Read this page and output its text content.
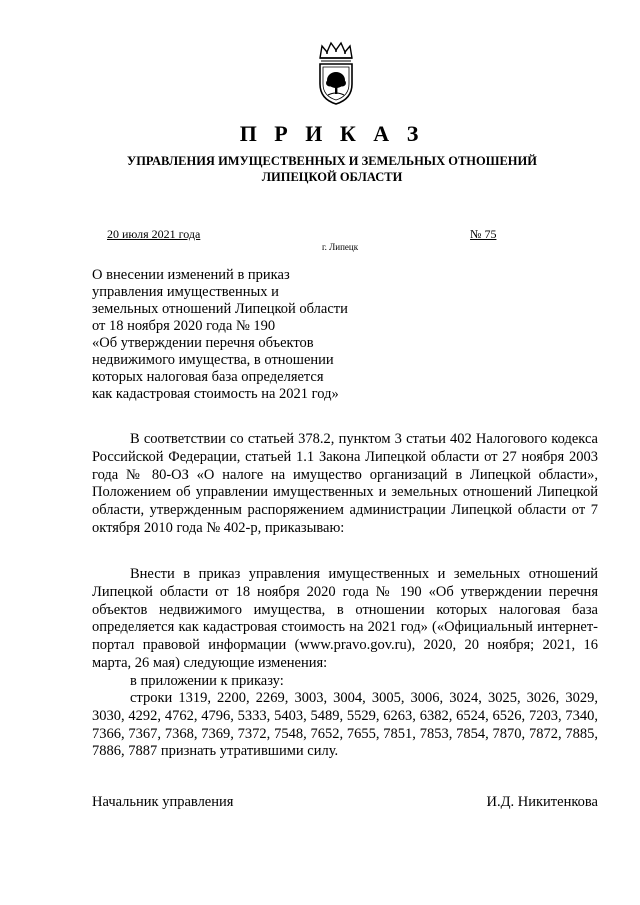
П Р И К А З
УПРАВЛЕНИЯ ИМУЩЕСТВЕННЫХ И ЗЕМЕЛЬНЫХ ОТНОШЕНИЙ
ЛИПЕЦКОЙ ОБЛАСТИ
20 июля 2021 года	№ 75
г. Липецк
О внесении изменений в приказ
управления имущественных и
земельных отношений Липецкой области
от 18 ноября 2020 года № 190
«Об утверждении перечня объектов
недвижимого имущества, в отношении
которых налоговая база определяется
как кадастровая стоимость на 2021 год»

В соответствии со статьей 378.2, пунктом 3 статьи 402 Налогового кодекса Российской Федерации, статьей 1.1 Закона Липецкой области от 27 ноября 2003 года № 80-ОЗ «О налоге на имущество организаций в Липецкой области», Положением об управлении имущественных и земельных отношений Липецкой области, утвержденным распоряжением администрации Липецкой области от 7 октября 2010 года № 402-р, приказываю:

Внести в приказ управления имущественных и земельных отношений Липецкой области от 18 ноября 2020 года № 190 «Об утверждении перечня объектов недвижимого имущества, в отношении которых налоговая база определяется как кадастровая стоимость на 2021 год» («Официальный интернет-портал правовой информации (www.pravo.gov.ru), 2020, 20 ноября; 2021, 16 марта, 26 мая) следующие изменения:

в приложении к приказу:

строки 1319, 2200, 2269, 3003, 3004, 3005, 3006, 3024, 3025, 3026, 3029, 3030, 4292, 4762, 4796, 5333, 5403, 5489, 5529, 6263, 6382, 6524, 6526, 7203, 7340, 7366, 7367, 7368, 7369, 7372, 7548, 7652, 7655, 7851, 7853, 7854, 7870, 7872, 7885, 7886, 7887 признать утратившими силу.

Начальник управления	И.Д. Никитенкова
